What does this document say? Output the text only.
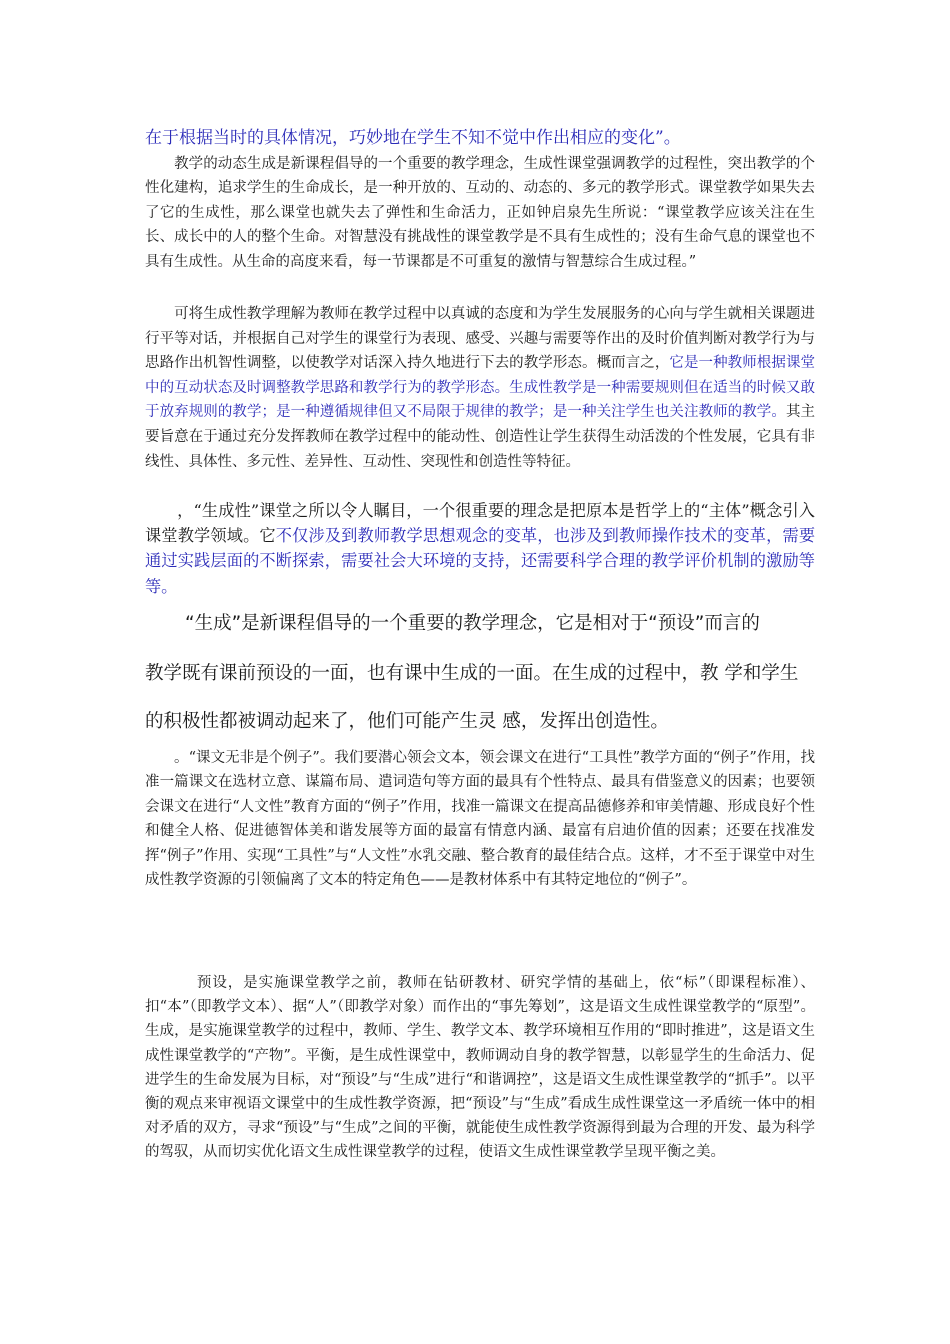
在于根据当时的具体情况，巧妙地在学生不知不觉中作出相应的变化”。
教学的动态生成是新课程倡导的一个重要的教学理念，生成性课堂强调教学的过程性，突出教学的个性化建构，追求学生的生命成长，是一种开放的、互动的、动态的、多元的教学形式。课堂教学如果失去了它的生成性，那么课堂也就失去了弹性和生命活力，正如钟启泉先生所说：“课堂教学应该关注在生长、成长中的人的整个生命。对智慧没有挑战性的课堂教学是不具有生成性的；没有生命气息的课堂也不具有生成性。从生命的高度来看，每一节课都是不可重复的激情与智慧综合生成过程。”
可将生成性教学理解为教师在教学过程中以真诚的态度和为学生发展服务的心向与学生就相关课题进行平等对话，并根据自己对学生的课堂行为表现、感受、兴趣与需要等作出的及时价值判断对教学行为与思路作出机智性调整，以使教学对话深入持久地进行下去的教学形态。概而言之，它是一种教师根据课堂中的互动状态及时调整教学思路和教学行为的教学形态。生成性教学是一种需要规则但在适当的时候又敢于放弃规则的教学；是一种遵循规律但又不局限于规律的教学；是一种关注学生也关注教师的教学。其主要旨意在于通过充分发挥教师在教学过程中的能动性、创造性让学生获得生动活泼的个性发展，它具有非线性、具体性、多元性、差异性、互动性、突现性和创造性等特征。
，“生成性”课堂之所以令人瞩目，一个很重要的理念是把原本是哲学上的“主体”概念引入课堂教学领域。它不仅涉及到教师教学思想观念的变革，也涉及到教师操作技术的变革，需要通过实践层面的不断探索，需要社会大环境的支持，还需要科学合理的教学评价机制的激励等等。
“生成”是新课程倡导的一个重要的教学理念，它是相对于“预设”而言的
教学既有课前预设的一面，也有课中生成的一面。在生成的过程中，教 学和学生
的积极性都被调动起来了，他们可能产生灵 感，发挥出创造性。
。“课文无非是个例子”。我们要潜心领会文本，领会课文在进行“工具性”教学方面的“例子”作用，找准一篇课文在选材立意、谋篇布局、遣词造句等方面的最具有个性特点、最具有借鉴意义的因素；也要领会课文在进行“人文性”教育方面的“例子”作用，找准一篇课文在提高品德修养和审美情趣、形成良好个性和健全人格、促进德智体美和谐发展等方面的最富有情意内涵、最富有启迪价值的因素；还要在找准发挥“例子”作用、实现“工具性”与“人文性”水乳交融、整合教育的最佳结合点。这样，才不至于课堂中对生成性教学资源的引领偏离了文本的特定角色——是教材体系中有其特定地位的“例子”。
预设，是实施课堂教学之前，教师在钻研教材、研究学情的基础上，依“标”（即课程标准）、扣“本”（即教学文本）、据“人”（即教学对象）而作出的“事先筹划”，这是语文生成性课堂教学的“原型”。生成，是实施课堂教学的过程中，教师、学生、教学文本、教学环境相互作用的“即时推进”，这是语文生成性课堂教学的“产物”。平衡，是生成性课堂中，教师调动自身的教学智慧，以彰显学生的生命活力、促进学生的生命发展为目标，对“预设”与“生成”进行“和谐调控”，这是语文生成性课堂教学的“抓手”。以平衡的观点来审视语文课堂中的生成性教学资源，把“预设”与“生成”看成生成性课堂这一矛盾统一体中的相对矛盾的双方，寻求“预设”与“生成”之间的平衡，就能使生成性教学资源得到最为合理的开发、最为科学的驾驭，从而切实优化语文生成性课堂教学的过程，使语文生成性课堂教学呈现平衡之美。
